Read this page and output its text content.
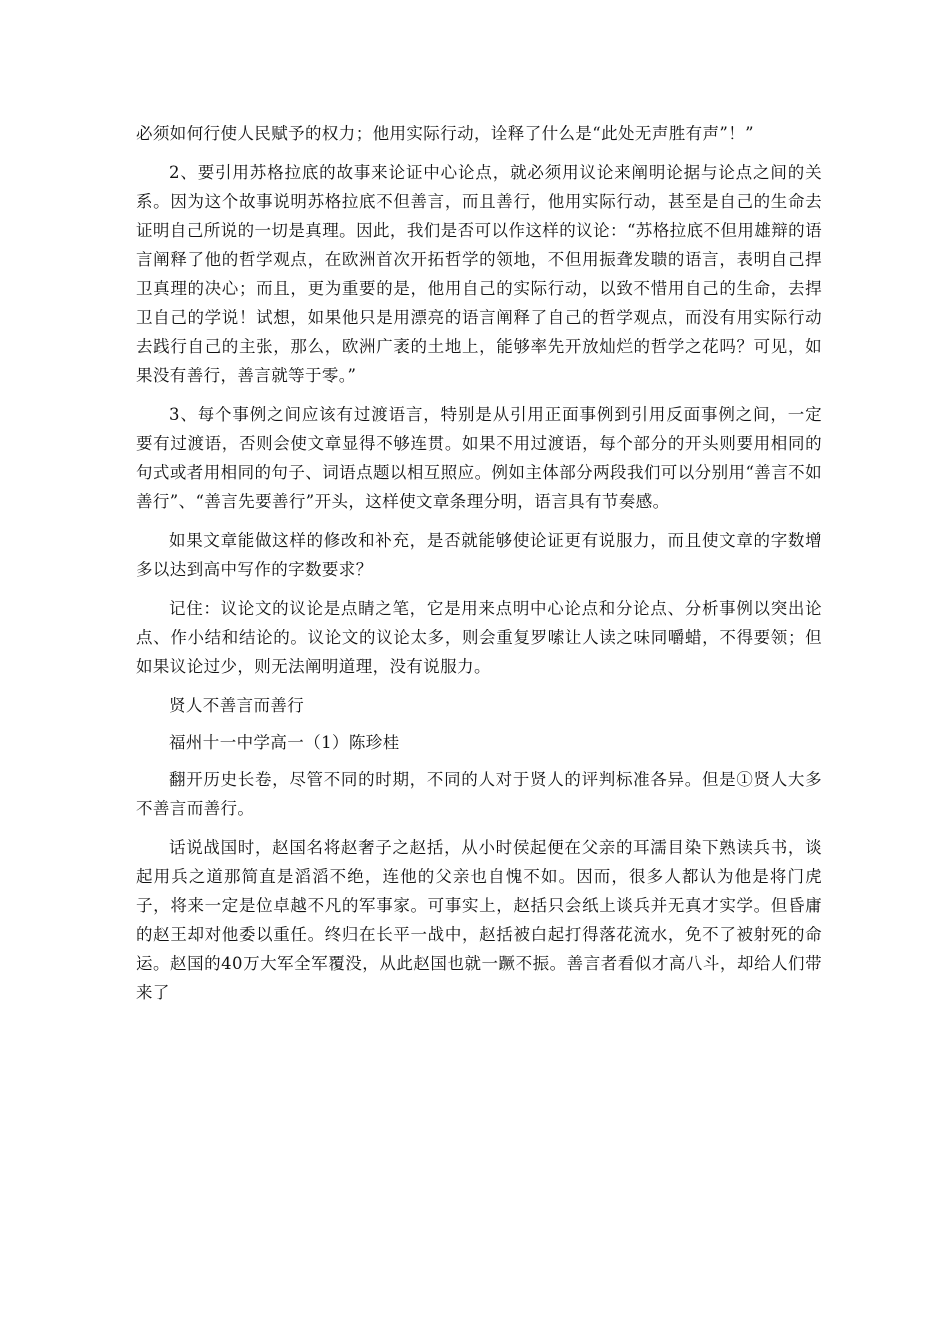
必须如何行使人民赋予的权力；他用实际行动，诠释了什么是“此处无声胜有声”！”

2、要引用苏格拉底的故事来论证中心论点，就必须用议论来阐明论据与论点之间的关系。因为这个故事说明苏格拉底不但善言，而且善行，他用实际行动，甚至是自己的生命去证明自己所说的一切是真理。因此，我们是否可以作这样的议论：“苏格拉底不但用雄辩的语言阐释了他的哲学观点，在欧洲首次开拓哲学的领地，不但用振聋发聩的语言，表明自己捍卫真理的决心；而且，更为重要的是，他用自己的实际行动，以致不惜用自己的生命，去捍卫自己的学说！试想，如果他只是用漂亮的语言阐释了自己的哲学观点，而没有用实际行动去践行自己的主张，那么，欧洲广袤的土地上，能够率先开放灿烂的哲学之花吗？可见，如果没有善行，善言就等于零。”

3、每个事例之间应该有过渡语言，特别是从引用正面事例到引用反面事例之间，一定要有过渡语，否则会使文章显得不够连贯。如果不用过渡语，每个部分的开头则要用相同的句式或者用相同的句子、词语点题以相互照应。例如主体部分两段我们可以分别用“善言不如善行”、“善言先要善行”开头，这样使文章条理分明，语言具有节奏感。

如果文章能做这样的修改和补充，是否就能够使论证更有说服力，而且使文章的字数增多以达到高中写作的字数要求？

记住：议论文的议论是点睛之笔，它是用来点明中心论点和分论点、分析事例以突出论点、作小结和结论的。议论文的议论太多，则会重复罗嗦让人读之味同嚼蜡，不得要领；但如果议论过少，则无法阐明道理，没有说服力。

贤人不善言而善行

福州十一中学高一（1）陈珍桂

翻开历史长卷，尽管不同的时期，不同的人对于贤人的评判标准各异。但是①贤人大多不善言而善行。

话说战国时，赵国名将赵奢子之赵括，从小时侯起便在父亲的耳濡目染下熟读兵书，谈起用兵之道那简直是滔滔不绝，连他的父亲也自愧不如。因而，很多人都认为他是将门虎子，将来一定是位卓越不凡的军事家。可事实上，赵括只会纸上谈兵并无真才实学。但昏庸的赵王却对他委以重任。终归在长平一战中，赵括被白起打得落花流水，免不了被射死的命运。赵国的40万大军全军覆没，从此赵国也就一蹶不振。善言者看似才高八斗，却给人们带来了
